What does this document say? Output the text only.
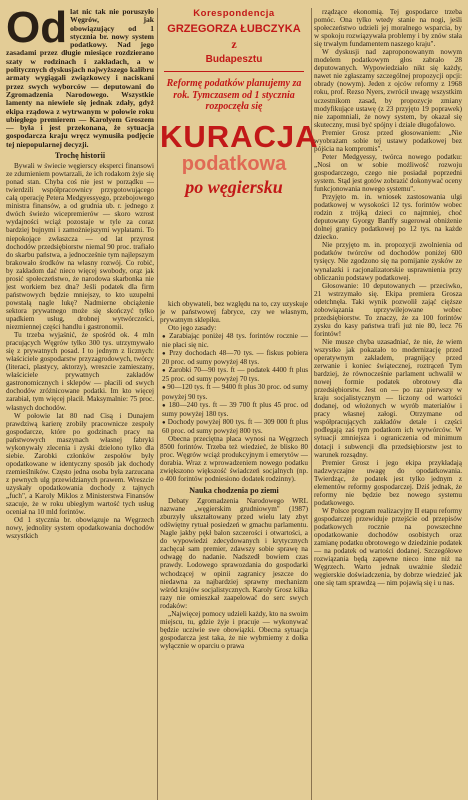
Od lat nic tak nie poruszyło Węgrów, jak obowiązujący od 1 stycznia br. nowy system podatkowy. Nad jego zasadami przez długie miesiące rozdzierano szaty w rodzinach i zakładach, a w politycznych dyskusjach najwyższego kalibru armaty wygiągali związkowcy i naciskani przez swych wyborców — deputowani do Zgromadzenia Narodowego. Wszystkie lamenty na niewiele się jednak zdały, gdyż ekipa rządowa z wytrwanym w połowie roku ubiegłego premierem — Karolyem Groszem — była i jest przekonana, że sytuacja gospodarcza kraju wręcz wymusiła podjęcie tej niepopularnej decyzji.
Trochę historii

Bywali w świecie węgierscy eksperci finansowi ze zdumieniem powtarzali, że ich rodakom żyje się ponad stan. Chyba coś nie jest w porządku — twierdzili współpracownicy przygotowującego całą operację Petera Medgyessyego, przebojowego ministra finansów, a od grudnia ub. r. jednego z dwóch świeżo wicepremierów — skoro wzrost wydajności wciąż pozostaje w tyle za coraz bardziej bujnymi i zamożniejszymi wypłatami. To niepokojące zwłaszcza — od lat przyrost dochodów przedsiębiorstw niemal 90 proc. trafiało do skarbu państwa, a jednocześnie tym najlepszym brakowało środków na własny rozwój. Co robić, by zakładom dać nieco więcej swobody, orąz jak prosić społeczeństwo, że narodowa skarbonka nie jest workiem bez dna? Jeśli podatek dla firm państwowych będzie mniejszy, to kto uzupełni powstałą nagle lukę? Nadmierne obciążenie sektora prywatnego może się skończyć tylko upadkiem usług, drobnej wytwórczości, niezmiennej części handlu i gastronomii.

Tu trzeba wyjaśnić, że spośród ok. 4 mln pracujących Węgrów tylko 300 tys. utrzymywało się z prywatnych posad. I to jednym z licznych: właściciele gospodarstw przyzagrodowych, twórcy (literaci, plastycy, aktorzy), wreszcie zamieszany, właściciele prywatnych zakładów gastronomicznych i sklepów — płacili od swych dochodów zróżnicowane podatki. Im kto więcej zarabiał, tym więcej płacił. Maksymalnie: 75 proc. własnych dochodów.

W połowie lat 80 nad Cisą i Dunajem prawdziwą karierę zrobiły pracownicze zespoły gospodarcze, które po godzinach pracy na państwowych maszynach własnej fabryki wykonywały zlecenia i zyski dzielono tylko dla siebie. Zarobki członków zespołów były opodatkowane w identyczny sposób jak dochody rzemieślników. Często jedna osoba była zarzucana z pewnych ulg przewidzianych prawem. Wreszcie uzyskały opodatkowania dochody z tajnych „fuch", a Karoly Miklos z Ministerstwa Finansów szacuje, że w roku ubiegłym wartość tych usług oceniał na 10 mld forintów.

Od 1 stycznia br. obowiązuje na Węgrzech nowy, jednolity system opodatkowania dochodów wszystkich

Korespondencja
GRZEGORZA ŁUBCZYKA
z
Budapesztu
Reformę podatków planujemy za rok. Tymczasem od 1 stycznia rozpoczęła się
KURACJA
podatkowa
po węgiersku

kich obywateli, bez względu na to, czy uzyskuje je w państwowej fabryce, czy we własnym, prywatnym sklepiku.

Oto jego zasady:

● Zarabiając poniżej 48 tys. forintów rocznie — nie płaci się nic.

● Przy dochodach 48—70 tys. — fiskus pobiera 20 proc. od sumy powyżej 48 tys.

● Zarobki 70—90 tys. ft — podatek 4400 ft plus 25 proc. od sumy powyżej 70 tys.

● 90—120 tys. ft — 9400 ft plus 30 proc. od sumy powyżej 90 tys.

● 180—240 tys. ft — 39 700 ft plus 45 proc. od sumy powyżej 180 tys.

● Dochody powyżej 800 tys. ft — 309 000 ft plus 60 proc. od sumy powyżej 800 tys.

Obecna przeciętna płaca wynosi na Węgrzech 8500 forintów. Trzeba też wiedzieć, że blisko 80 proc. Węgrów wciąż produkcyjnym i emerytów — dorabia. Wraz z wprowadzeniem nowego podatku zwiększono większość świadczeń socjalnych (np. o 400 forintów podniesiono dodatek rodzinny).

Nauka chodzenia po ziemi

Debaty Zgromadzenia Narodowego WRL nazwane „węgierskim grudniowym" (1987) zburzyły ukształtowany przed wielu laty zbyt odświętny rytuał posiedzeń w gmachu parlamentu. Nagle jakby pękł balon szczerości i otwartości, a do wypowiedzi zdecydowanych i krytycznych zachęcał sam premier, zdawszy sobie sprawę na odwagę do nadanie. Nadszedł bowiem czas prawdy. Lodowego sprawozdania do gospodarki wchodzącej w opinii zagranicy jeszcze do niedawna za najbardziej sprawny mechanizm wśród krajów socjalistycznych. Karoly Grosz kilka razy nie omieszkał zaapelować do serc swych rodaków:

„Najwięcej pomocy udzieli każdy, kto na swoim miejscu, tu, gdzie żyje i pracuje — wykonywać będzie ucziwie swe obowiązki. Obecna sytuacja gospodarcza jest taka, że nie wybrniemy z dołka wyłącznie w oparciu o prawa

rządzące ekonomią. Tej gospodarce trzeba pomóc. Ona tylko wtedy stanie na nogi, jeśli społeczeństwo udzieli jej moralnego wsparcia, by w spokoju rozwiązywała problemy i by znów stała się trwałym fundamentem naszego kraju".

W dyskusji nad zaproponowanym nowym modelem podatkowym głos zabrało 28 deputowanych. Wypowiedziało nikt się każdy, nawet nie zgłaszamy szczególnej propozycji opcji: obrady (nowym). Jeden z ojców reformy z 1968 roku, prof. Rezso Nyers, zwrócił uwagę wszystkim uczestnikom zasad, by propozycje zmiany modyfikujące ustawę (z 23 przyjęto 19 poprawek) nie zapomniali, że nowy system, by okazał się skuteczny, musi być spójny i dziale długofalowo.

Premier Grosz przed głosowaniem: „Nie wyobrażam sobie tej ustawy podatkowej bez pójścia na kompromis".

Peter Medgyessy, twórca nowego podatku: „Nosi on w sobie możliwość rozwoju gospodarczego, czego nie posiadał poprzedni system. Stąd jest gotów zobrazić dokonywać oceny funkcjonowania nowego systemu".

Przyjęto m. in. wniosek zastosowania ulgi podatkowej w wysokości 12 tys. forintów wobec rodzin z trójką dzieci co najmniej, choć deputowany Gyorgy Banffy sugerował obniżenie dolnej granicy podatkowej po 12 tys. na każde dziecko.

Nie przyjęto m. in. propozycji zwolnienia od podatków twórców od dochodów poniżej 600 tysięcy. Nie zgodzono się na pomijanie zysków ze wynalazki i racjonalizatorskie usprawnienia przy obliczaniu podstawy podatkowej.

Głosowanie: 10 deputowanych — przeciwko, 21 wstrzymało się. Ekipa premiera Grosza odetchnęła. Taki wynik pozwolił zająć cięższe zobowiązania uprzywilejowane wobec przedsiębiorstw. To znaczy, że za 100 forintów zysku do kasy państwa trafi już nie 80, lecz 76 forintów!

Nie musze chyba uzasadniać, że nie, że wiem wszystko jak pokazało to modernizację przed operatywnym zakładem, pragnijący przed zerwanie i koniec świątecznej, roztrąceń Tym bardziej, że równocześnie parlament uchwalił w nowej formie podatek obrotowy dla przedsiębiorstw. Jest on — po raz pierwszy w kraju socjalistycznym — liczony od wartości dodanej, od włożonych w wyrób materiałów i pracy własnej załogi. Otrzymane od współpracujących zakładów detale i części podlegają zaś tym podatkom ich wytwórców. W sytuacji zmniejsza i ograniczenia od minimum dotacji i subwencji dla przedsiębiorstw jest to warunek rozsądny.

Premier Grosz i jego ekipa przykładają nadzwyczajne uwagę do opodatkowania. Twierdząc, że podatek jest tylko jednym z elementów reformy gospodarczej. Dziś jednak, że reformy nie będzie bez nowego systemu podatkowego.

W Polsce program realizacyjny II etapu reformy gospodarczej przewiduje przejście od przepisów podatkowych rocznie na powszechne opodatkowanie dochodów osobistych oraz zamianę podatku obrotowego w dziedzinie podatek — na podatek od wartości dodanej. Szczegółowe rozwiązania będą zapewne nieco inne niż na Węgrzech. Warto jednak uważnie śledzić węgierskie doświadczenia, by dobrze wiedzieć jak one się tam sprawdzą — nim pojawią się i u nas.
